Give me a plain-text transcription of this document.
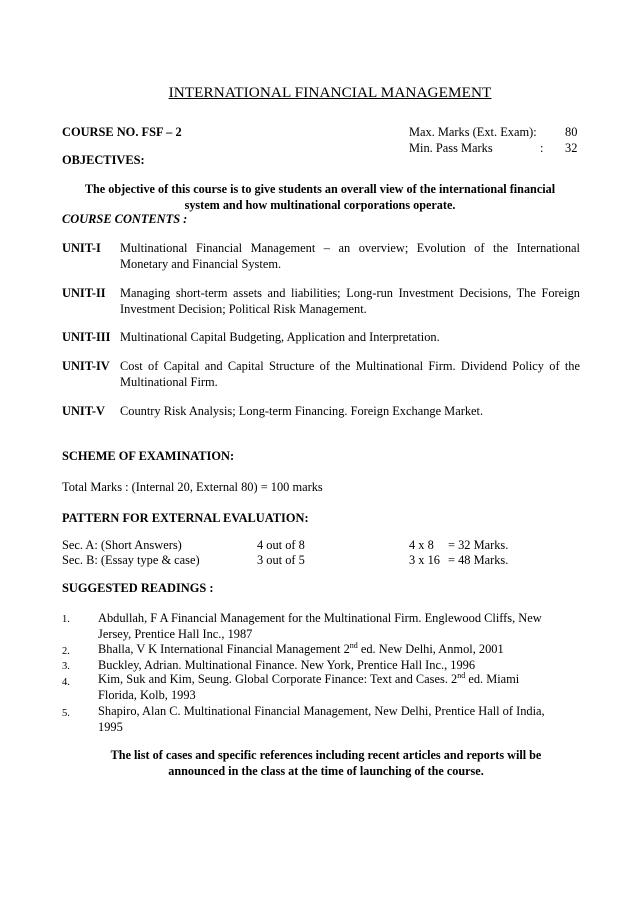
INTERNATIONAL FINANCIAL MANAGEMENT
COURSE NO. FSF – 2	Max. Marks (Ext. Exam): 80
Min. Pass Marks	: 32
OBJECTIVES:
The objective of this course is to give students an overall view of the international financial
system and how multinational corporations operate.
COURSE CONTENTS :
UNIT-I Multinational Financial Management – an overview; Evolution of the International Monetary and Financial System.
UNIT-II Managing short-term assets and liabilities; Long-run Investment Decisions, The Foreign Investment Decision; Political Risk Management.
UNIT-III Multinational Capital Budgeting, Application and Interpretation.
UNIT-IV Cost of Capital and Capital Structure of the Multinational Firm. Dividend Policy of the Multinational Firm.
UNIT-V Country Risk Analysis; Long-term Financing. Foreign Exchange Market.
SCHEME OF EXAMINATION:
Total Marks : (Internal 20, External 80) = 100 marks
PATTERN FOR EXTERNAL EVALUATION:
Sec. A: (Short Answers)	4 out of 8	4 x 8 = 32 Marks.
Sec. B: (Essay type & case)	3 out of 5	3 x 16 = 48 Marks.
SUGGESTED READINGS :
1. Abdullah, F A Financial Management for the Multinational Firm. Englewood Cliffs, New
Jersey, Prentice Hall Inc., 1987
2. Bhalla, V K International Financial Management 2nd ed. New Delhi, Anmol, 2001
3. Buckley, Adrian. Multinational Finance. New York, Prentice Hall Inc., 1996
4. Kim, Suk and Kim, Seung. Global Corporate Finance: Text and Cases. 2nd ed. Miami
Florida, Kolb, 1993
5. Shapiro, Alan C. Multinational Financial Management, New Delhi, Prentice Hall of India,
1995
The list of cases and specific references including recent articles and reports will be
announced in the class at the time of launching of the course.
